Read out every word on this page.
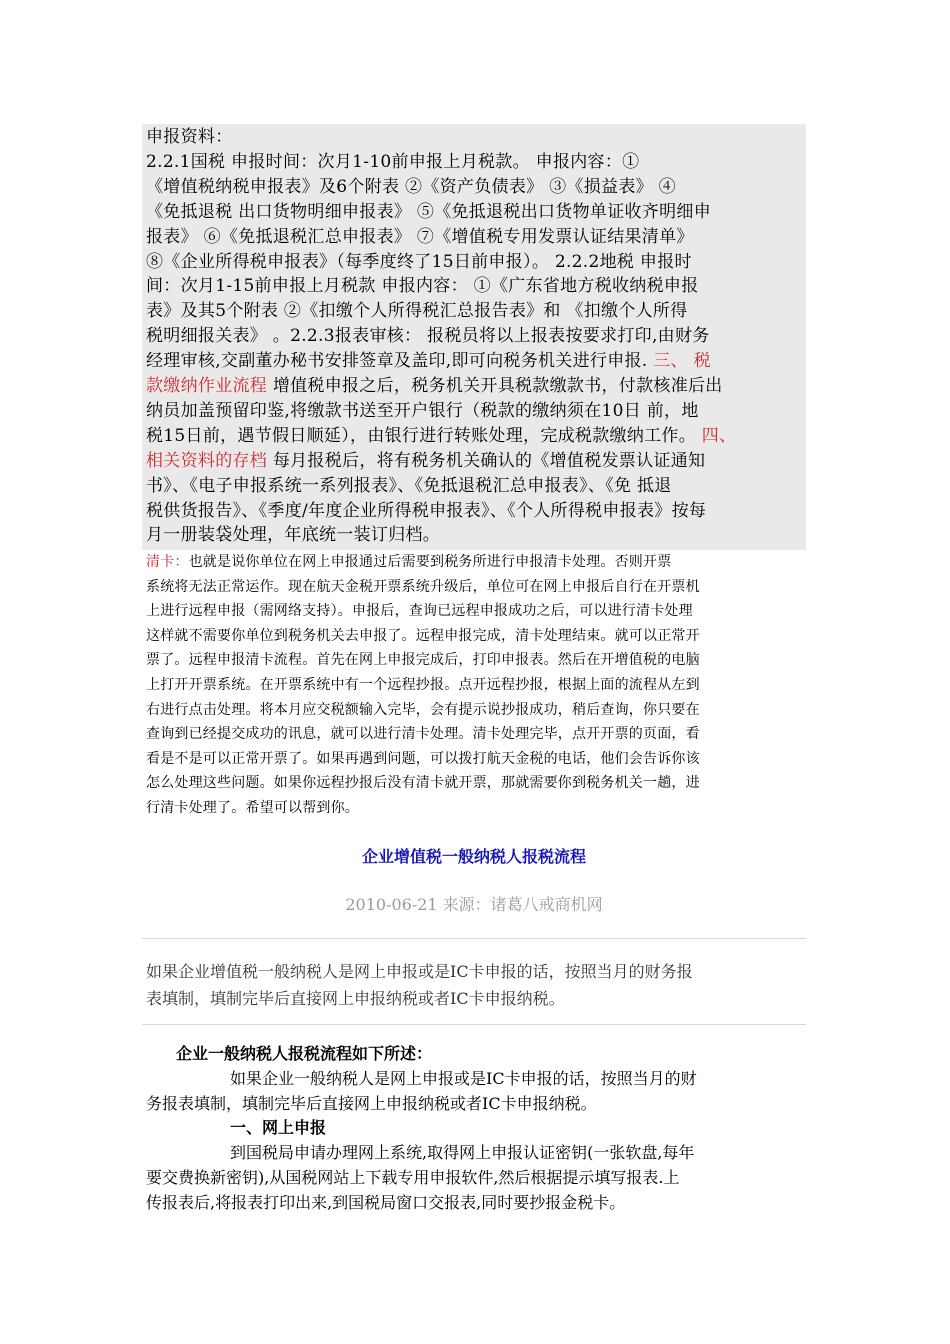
申报资料：
2.2.1国税 申报时间：次月1-10前申报上月税款。 申报内容：①
《增值税纳税申报表》及6个附表 ②《资产负债表》 ③《损益表》 ④
《免抵退税 出口货物明细申报表》 ⑤《免抵退税出口货物单证收齐明细申
报表》 ⑥《免抵退税汇总申报表》 ⑦《增值税专用发票认证结果清单》
⑧《企业所得税申报表》（每季度终了15日前申报）。 2.2.2地税 申报时
间：次月1-15前申报上月税款 申报内容： ①《广东省地方税收纳税申报
表》及其5个附表 ②《扣缴个人所得税汇总报告表》和 《扣缴个人所得
税明细报关表》 。2.2.3报表审核： 报税员将以上报表按要求打印,由财务
经理审核,交副董办秘书安排签章及盖印,即可向税务机关进行申报. 三、 税
款缴纳作业流程 增值税申报之后，税务机关开具税款缴款书，付款核准后出
纳员加盖预留印鉴,将缴款书送至开户银行（税款的缴纳须在10日 前，地
税15日前，遇节假日顺延），由银行进行转账处理，完成税款缴纳工作。 四、
相关资料的存档 每月报税后，将有税务机关确认的《增值税发票认证通知
书》、《电子申报系统一系列报表》、《免抵退税汇总申报表》、《免 抵退
税供货报告》、《季度/年度企业所得税申报表》、《个人所得税申报表》按每
月一册装袋处理，年底统一装订归档。
清卡：也就是说你单位在网上申报通过后需要到税务所进行申报清卡处理。否则开票
系统将无法正常运作。现在航天金税开票系统升级后，单位可在网上申报后自行在开票机
上进行远程申报（需网络支持）。申报后，查询已远程申报成功之后，可以进行清卡处理
这样就不需要你单位到税务机关去申报了。远程申报完成，清卡处理结束。就可以正常开
票了。远程申报清卡流程。首先在网上申报完成后，打印申报表。然后在开增值税的电脑
上打开开票系统。在开票系统中有一个远程抄报。点开远程抄报，根据上面的流程从左到
右进行点击处理。将本月应交税额输入完毕，会有提示说抄报成功，稍后查询，你只要在
查询到已经提交成功的讯息，就可以进行清卡处理。清卡处理完毕，点开开票的页面，看
看是不是可以正常开票了。如果再遇到问题，可以拨打航天金税的电话，他们会告诉你该
怎么处理这些问题。如果你远程抄报后没有清卡就开票，那就需要你到税务机关一趟，进
行清卡处理了。希望可以帮到你。
企业增值税一般纳税人报税流程
2010-06-21 来源：诸葛八戒商机网
如果企业增值税一般纳税人是网上申报或是IC卡申报的话，按照当月的财务报
表填制，填制完毕后直接网上申报纳税或者IC卡申报纳税。
企业一般纳税人报税流程如下所述：
如果企业一般纳税人是网上申报或是IC卡申报的话，按照当月的财
务报表填制，填制完毕后直接网上申报纳税或者IC卡申报纳税。
一、网上申报
到国税局申请办理网上系统,取得网上申报认证密钥(一张软盘,每年
要交费换新密钥),从国税网站上下载专用申报软件,然后根据提示填写报表.上
传报表后,将报表打印出来,到国税局窗口交报表,同时要抄报金税卡。
